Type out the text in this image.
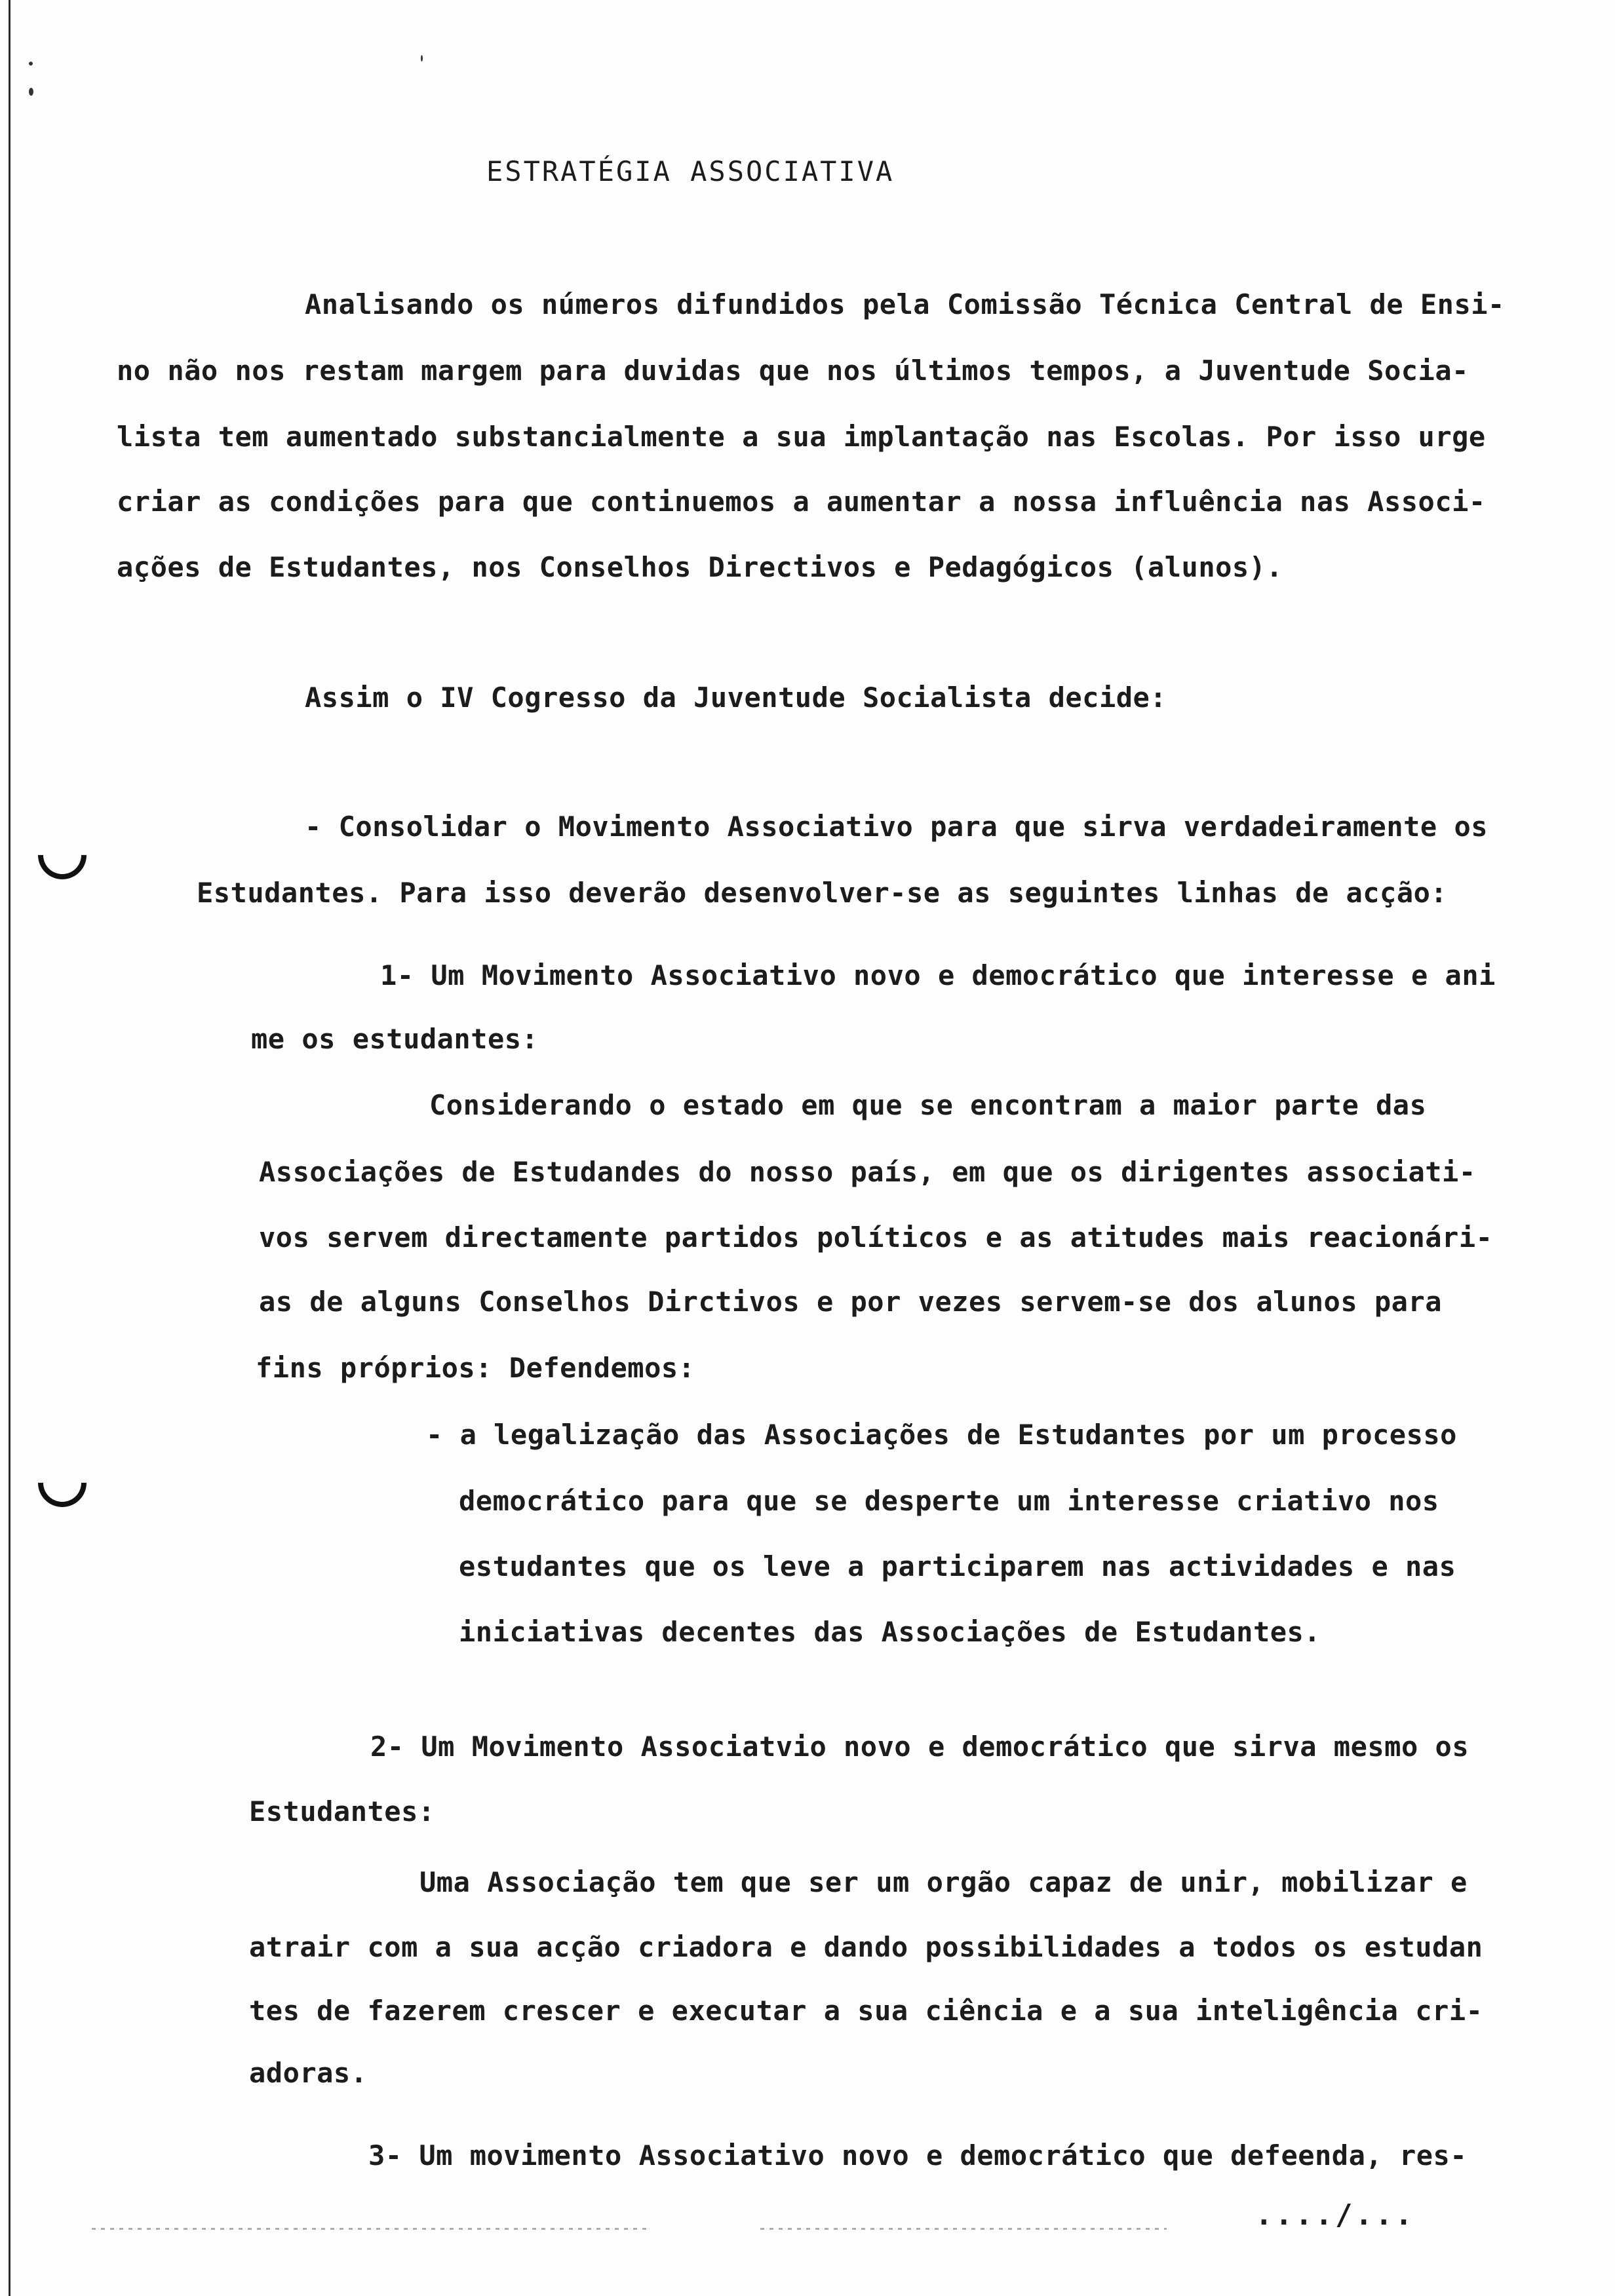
ESTRATÉGIA ASSOCIATIVA
Analisando os números difundidos pela Comissão Técnica Central de Ensi-
no não nos restam margem para duvidas que nos últimos tempos, a Juventude Socia-
lista tem aumentado substancialmente a sua implantação nas Escolas. Por isso urge
criar as condições para que continuemos a aumentar a nossa influência nas Associ-
ações de Estudantes, nos Conselhos Directivos e Pedagógicos (alunos).
Assim o IV Cogresso da Juventude Socialista decide:
- Consolidar o Movimento Associativo para que sirva verdadeiramente os
Estudantes. Para isso deverão desenvolver-se as seguintes linhas de acção:
1- Um Movimento Associativo novo e democrático que interesse e ani
me os estudantes:
Considerando o estado em que se encontram a maior parte das
Associações de Estudandes do nosso país, em que os dirigentes associati-
vos servem directamente partidos políticos e as atitudes mais reacionári-
as de alguns Conselhos Dirctivos e por vezes servem-se dos alunos para
fins próprios: Defendemos:
- a legalização das Associações de Estudantes por um processo
democrático para que se desperte um interesse criativo nos
estudantes que os leve a participarem nas actividades e nas
iniciativas decentes das Associações de Estudantes.
2- Um Movimento Associatvio novo e democrático que sirva mesmo os
Estudantes:
Uma Associação tem que ser um orgão capaz de unir, mobilizar e
atrair com a sua acção criadora e dando possibilidades a todos os estudan
tes de fazerem crescer e executar a sua ciência e a sua inteligência cri-
adoras.
3- Um movimento Associativo novo e democrático que defeenda, res-
..../...
